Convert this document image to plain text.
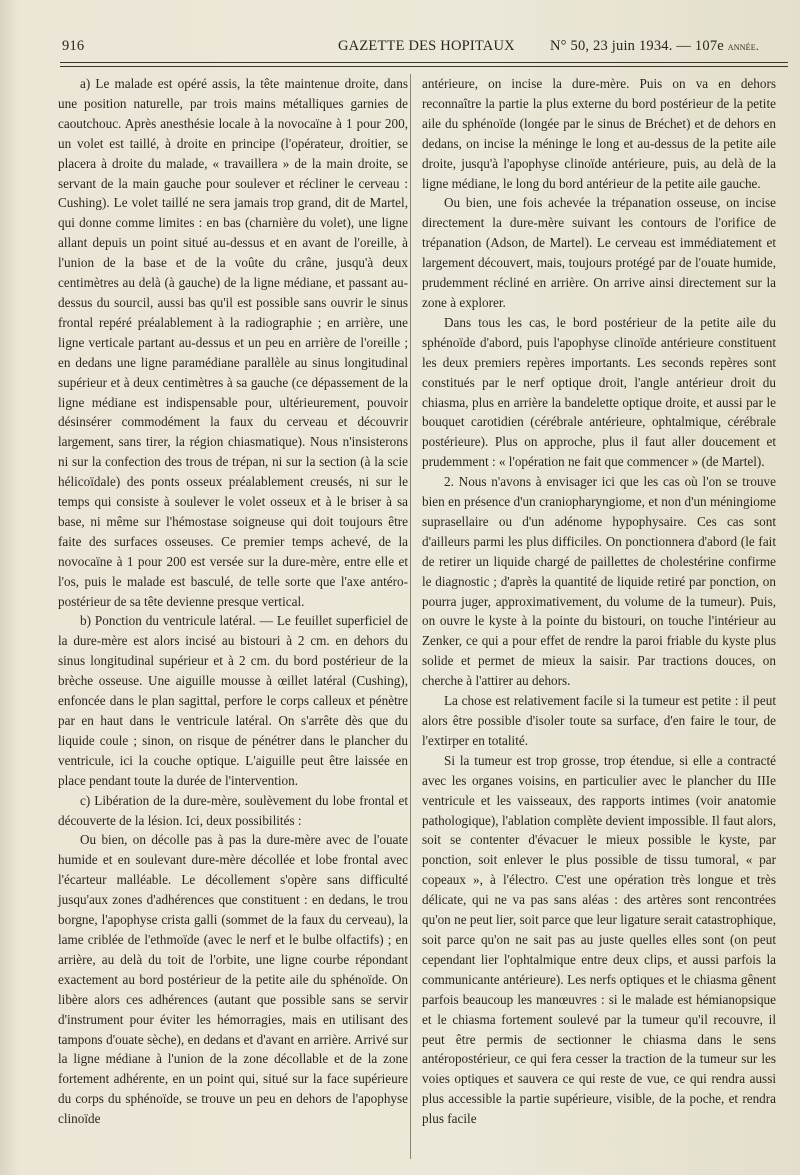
916	GAZETTE DES HOPITAUX N° 50, 23 juin 1934. — 107e année.

a) Le malade est opéré assis, la tête maintenue droite, dans une position naturelle, par trois mains métalliques garnies de caoutchouc. Après anesthésie locale à la novocaïne à 1 pour 200, un volet est taillé, à droite en principe (l'opérateur, droitier, se placera à droite du malade, « travaillera » de la main droite, se servant de la main gauche pour soulever et récliner le cerveau : Cushing). Le volet taillé ne sera jamais trop grand, dit de Martel, qui donne comme limites : en bas (charnière du volet), une ligne allant depuis un point situé au-dessus et en avant de l'oreille, à l'union de la base et de la voûte du crâne, jusqu'à deux centimètres au delà (à gauche) de la ligne médiane, et passant au-dessus du sourcil, aussi bas qu'il est possible sans ouvrir le sinus frontal repéré préalablement à la radiographie ; en arrière, une ligne verticale partant au-dessus et un peu en arrière de l'oreille ; en dedans une ligne paramédiane parallèle au sinus longitudinal supérieur et à deux centimètres à sa gauche (ce dépassement de la ligne médiane est indispensable pour, ultérieurement, pouvoir désinsérer commodément la faux du cerveau et découvrir largement, sans tirer, la région chiasmatique). Nous n'insisterons ni sur la confection des trous de trépan, ni sur la section (à la scie hélicoïdale) des ponts osseux préalablement creusés, ni sur le temps qui consiste à soulever le volet osseux et à le briser à sa base, ni même sur l'hémostase soigneuse qui doit toujours être faite des surfaces osseuses. Ce premier temps achevé, de la novocaïne à 1 pour 200 est versée sur la dure-mère, entre elle et l'os, puis le malade est basculé, de telle sorte que l'axe antéro-postérieur de sa tête devienne presque vertical.

b) Ponction du ventricule latéral. — Le feuillet superficiel de la dure-mère est alors incisé au bistouri à 2 cm. en dehors du sinus longitudinal supérieur et à 2 cm. du bord postérieur de la brèche osseuse. Une aiguille mousse à œillet latéral (Cushing), enfoncée dans le plan sagittal, perfore le corps calleux et pénètre par en haut dans le ventricule latéral. On s'arrête dès que du liquide coule ; sinon, on risque de pénétrer dans le plancher du ventricule, ici la couche optique. L'aiguille peut être laissée en place pendant toute la durée de l'intervention.

c) Libération de la dure-mère, soulèvement du lobe frontal et découverte de la lésion. Ici, deux possibilités :

Ou bien, on décolle pas à pas la dure-mère avec de l'ouate humide et en soulevant dure-mère décollée et lobe frontal avec l'écarteur malléable. Le décollement s'opère sans difficulté jusqu'aux zones d'adhérences que constituent : en dedans, le trou borgne, l'apophyse crista galli (sommet de la faux du cerveau), la lame criblée de l'ethmoïde (avec le nerf et le bulbe olfactifs) ; en arrière, au delà du toit de l'orbite, une ligne courbe répondant exactement au bord postérieur de la petite aile du sphénoïde. On libère alors ces adhérences (autant que possible sans se servir d'instrument pour éviter les hémorragies, mais en utilisant des tampons d'ouate sèche), en dedans et d'avant en arrière. Arrivé sur la ligne médiane à l'union de la zone décollable et de la zone fortement adhérente, en un point qui, situé sur la face supérieure du corps du sphénoïde, se trouve un peu en dehors de l'apophyse clinoïde

antérieure, on incise la dure-mère. Puis on va en dehors reconnaître la partie la plus externe du bord postérieur de la petite aile du sphénoïde (longée par le sinus de Bréchet) et de dehors en dedans, on incise la méninge le long et au-dessus de la petite aile droite, jusqu'à l'apophyse clinoïde antérieure, puis, au delà de la ligne médiane, le long du bord antérieur de la petite aile gauche.

Ou bien, une fois achevée la trépanation osseuse, on incise directement la dure-mère suivant les contours de l'orifice de trépanation (Adson, de Martel). Le cerveau est immédiatement et largement découvert, mais, toujours protégé par de l'ouate humide, prudemment récliné en arrière. On arrive ainsi directement sur la zone à explorer.

Dans tous les cas, le bord postérieur de la petite aile du sphénoïde d'abord, puis l'apophyse clinoïde antérieure constituent les deux premiers repères importants. Les seconds repères sont constitués par le nerf optique droit, l'angle antérieur droit du chiasma, plus en arrière la bandelette optique droite, et aussi par le bouquet carotidien (cérébrale antérieure, ophtalmique, cérébrale postérieure). Plus on approche, plus il faut aller doucement et prudemment : « l'opération ne fait que commencer » (de Martel).

2. Nous n'avons à envisager ici que les cas où l'on se trouve bien en présence d'un craniopharyngiome, et non d'un méningiome suprasellaire ou d'un adénome hypophysaire. Ces cas sont d'ailleurs parmi les plus difficiles. On ponctionnera d'abord (le fait de retirer un liquide chargé de paillettes de cholestérine confirme le diagnostic ; d'après la quantité de liquide retiré par ponction, on pourra juger, approximativement, du volume de la tumeur). Puis, on ouvre le kyste à la pointe du bistouri, on touche l'intérieur au Zenker, ce qui a pour effet de rendre la paroi friable du kyste plus solide et permet de mieux la saisir. Par tractions douces, on cherche à l'attirer au dehors.

La chose est relativement facile si la tumeur est petite : il peut alors être possible d'isoler toute sa surface, d'en faire le tour, de l'extirper en totalité.

Si la tumeur est trop grosse, trop étendue, si elle a contracté avec les organes voisins, en particulier avec le plancher du IIIe ventricule et les vaisseaux, des rapports intimes (voir anatomie pathologique), l'ablation complète devient impossible. Il faut alors, soit se contenter d'évacuer le mieux possible le kyste, par ponction, soit enlever le plus possible de tissu tumoral, « par copeaux », à l'électro. C'est une opération très longue et très délicate, qui ne va pas sans aléas : des artères sont rencontrées qu'on ne peut lier, soit parce que leur ligature serait catastrophique, soit parce qu'on ne sait pas au juste quelles elles sont (on peut cependant lier l'ophtalmique entre deux clips, et aussi parfois la communicante antérieure). Les nerfs optiques et le chiasma gênent parfois beaucoup les manœuvres : si le malade est hémianopsique et le chiasma fortement soulevé par la tumeur qu'il recouvre, il peut être permis de sectionner le chiasma dans le sens antéropostérieur, ce qui fera cesser la traction de la tumeur sur les voies optiques et sauvera ce qui reste de vue, ce qui rendra aussi plus accessible la partie supérieure, visible, de la poche, et rendra plus facile
